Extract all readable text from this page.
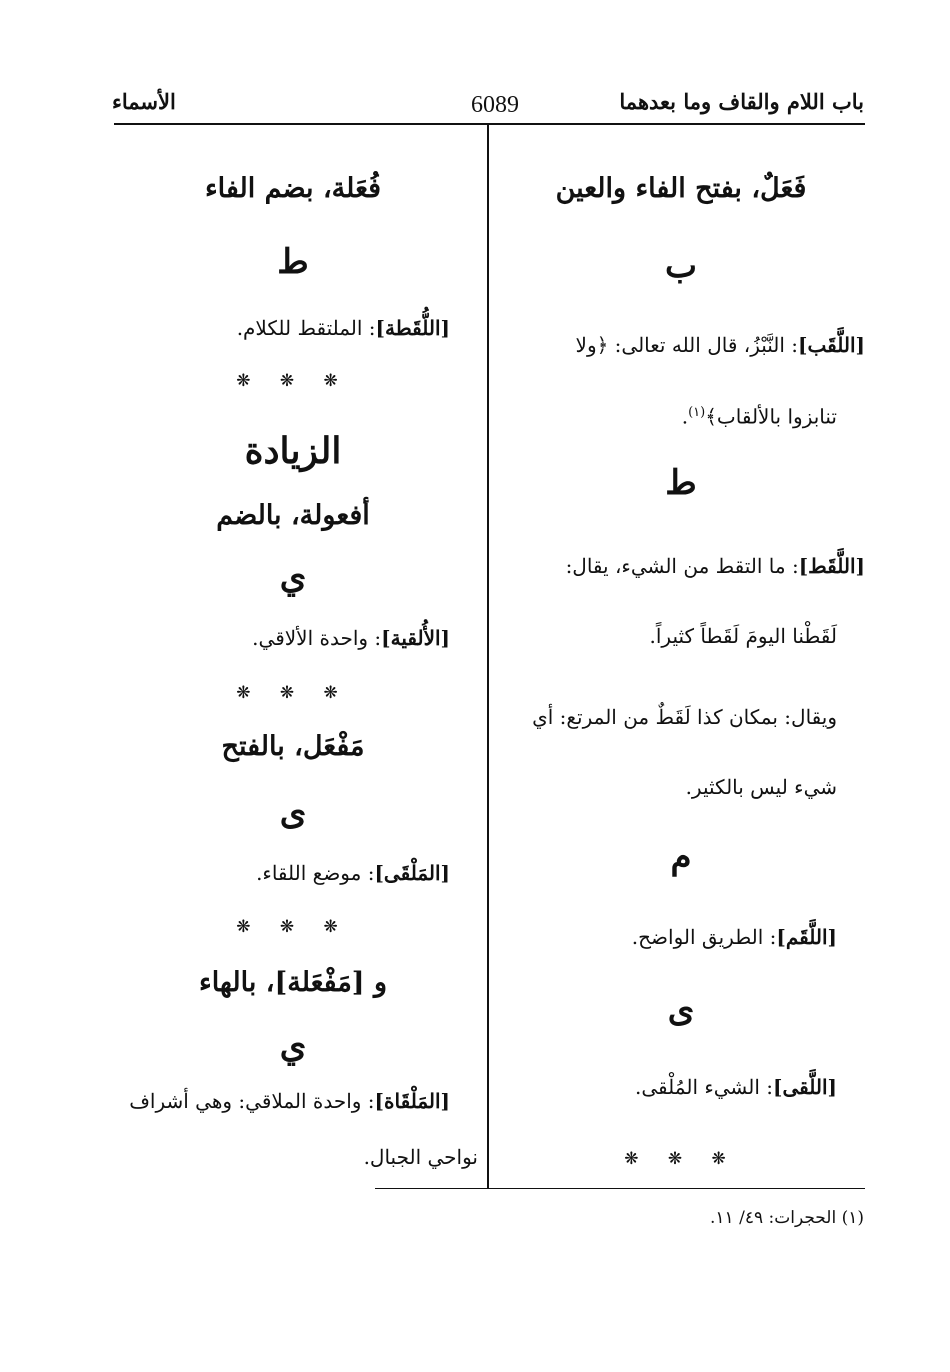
باب اللام والقاف وما بعدهما
6089
الأسماء
فَعَلٌ، بفتح الفاء والعين
ب
[اللَّقَب]: النَّبْزُ، قال الله تعالى: ﴿ولا
تنابزوا بالألقاب﴾$^{(١)}$.
ط
[اللَّقَط]: ما التقط من الشيء، يقال:
لَقَطْنا اليومَ لَقَطاً كثيراً.
ويقال: بمكان كذا لَقَطٌ من المرتع: أي
شيء ليس بالكثير.
م
[اللَّقَم]: الطريق الواضح.
ى
[اللَّقى]: الشيء المُلْقى.
❋ ❋ ❋
فُعَلة، بضم الفاء
ط
[اللُّقَطة]: الملتقط للكلام.
❋ ❋ ❋
الزيادة
أفعولة، بالضم
ي
[الأُلقية]: واحدة الألاقي.
❋ ❋ ❋
مَفْعَل، بالفتح
ى
[المَلْقَى]: موضع اللقاء.
❋ ❋ ❋
و [مَفْعَلة]، بالهاء
ي
[المَلْقَاة]: واحدة الملاقي: وهي أشراف
نواحي الجبال.
(١) الحجرات: ٤٩/ ١١.
